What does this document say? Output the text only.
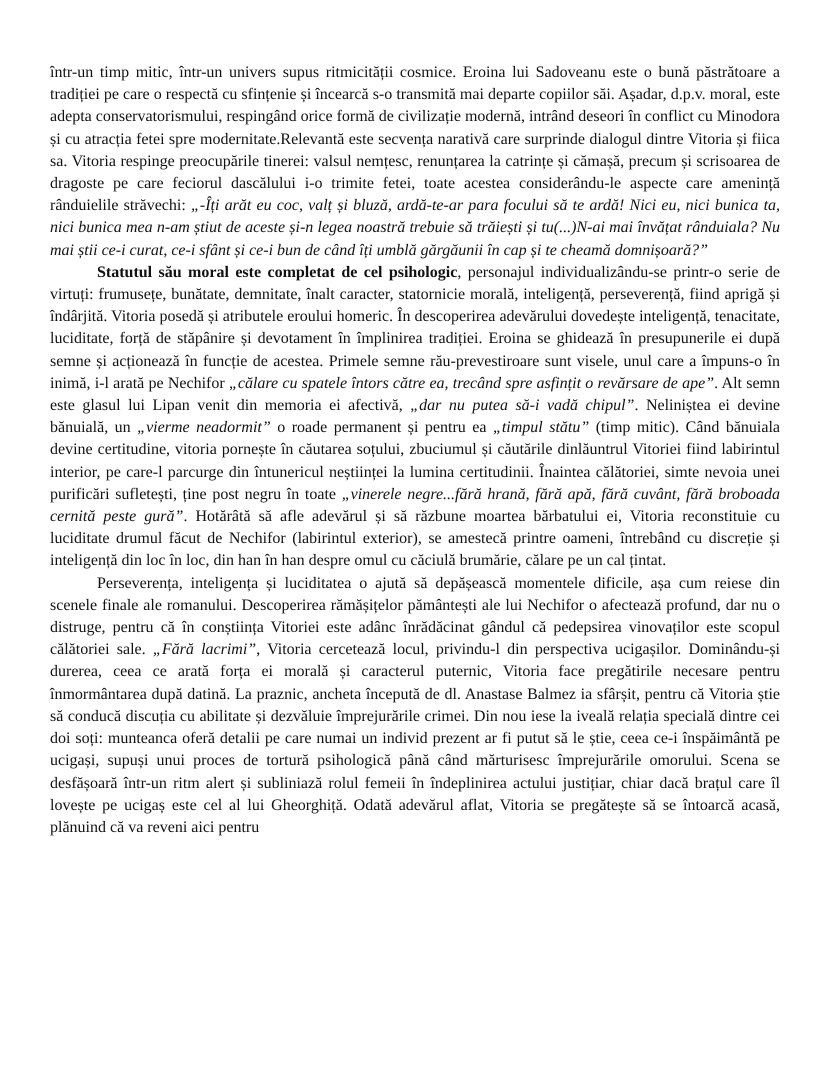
într-un timp mitic, într-un univers supus ritmicității cosmice. Eroina lui Sadoveanu este o bună păstrătoare a tradiției pe care o respectă cu sfințenie și încearcă s-o transmită mai departe copiilor săi. Așadar, d.p.v. moral, este adepta conservatorismului, respingând orice formă de civilizație modernă, intrând deseori în conflict cu Minodora și cu atracția fetei spre modernitate.Relevantă este secvența narativă care surprinde dialogul dintre Vitoria și fiica sa. Vitoria respinge preocupările tinerei: valsul nemțesc, renunțarea la catrințe și cămașă, precum și scrisoarea de dragoste pe care feciorul dascălului i-o trimite fetei, toate acestea considerându-le aspecte care amenință rânduielile străvechi: „-Îți arăt eu coc, valț și bluză, ardă-te-ar para focului să te ardă! Nici eu, nici bunica ta, nici bunica mea n-am știut de aceste și-n legea noastră trebuie să trăiești și tu(...)N-ai mai învățat rânduiala? Nu mai știi ce-i curat, ce-i sfânt și ce-i bun de când îți umblă gărgăunii în cap și te cheamă domnișoară?”

Statutul său moral este completat de cel psihologic, personajul individualizându-se printr-o serie de virtuți: frumusețe, bunătate, demnitate, înalt caracter, statornicie morală, inteligență, perseverență, fiind aprigă și îndârjită. Vitoria posedă și atributele eroului homeric. În descoperirea adevărului dovedește inteligență, tenacitate, luciditate, forță de stăpânire și devotament în împlinirea tradiției. Eroina se ghidează în presupunerile ei după semne și acționează în funcție de acestea. Primele semne rău-prevestiroare sunt visele, unul care a împuns-o în inimă, i-l arată pe Nechifor „călare cu spatele întors către ea, trecând spre asfințit o revărsare de ape”. Alt semn este glasul lui Lipan venit din memoria ei afectivă, „dar nu putea să-i vadă chipul”. Neliniștea ei devine bănuială, un „vierme neadormit” o roade permanent și pentru ea „timpul stătu” (timp mitic). Când bănuiala devine certitudine, vitoria pornește în căutarea soțului, zbuciumul și căutările dinlăuntrul Vitoriei fiind labirintul interior, pe care-l parcurge din întunericul neștiinței la lumina certitudinii. Înaintea călătoriei, simte nevoia unei purificări sufletești, ține post negru în toate „vinerele negre...fără hrană, fără apă, fără cuvânt, fără broboada cernită peste gură”. Hotărâtă să afle adevărul și să răzbune moartea bărbatului ei, Vitoria reconstituie cu luciditate drumul făcut de Nechifor (labirintul exterior), se amestecă printre oameni, întrebând cu discreție și inteligență din loc în loc, din han în han despre omul cu căciulă brumărie, călare pe un cal țintat.

Perseverența, inteligența și luciditatea o ajută să depășească momentele dificile, așa cum reiese din scenele finale ale romanului. Descoperirea rămășițelor pământești ale lui Nechifor o afectează profund, dar nu o distruge, pentru că în conștiința Vitoriei este adânc înrădăcinat gândul că pedepsirea vinovaților este scopul călătoriei sale. „Fără lacrimi”, Vitoria cercetează locul, privindu-l din perspectiva ucigașilor. Dominându-și durerea, ceea ce arată forța ei morală și caracterul puternic, Vitoria face pregătirile necesare pentru înmormântarea după datină. La praznic, ancheta începută de dl. Anastase Balmez ia sfârșit, pentru că Vitoria știe să conducă discuția cu abilitate și dezvăluie împrejurările crimei. Din nou iese la iveală relația specială dintre cei doi soți: munteanca oferă detalii pe care numai un individ prezent ar fi putut să le știe, ceea ce-i înspăimântă pe ucigași, supuși unui proces de tortură psihologică până când mărturisesc împrejurările omorului. Scena se desfășoară într-un ritm alert și subliniază rolul femeii în îndeplinirea actului justițiar, chiar dacă brațul care îl lovește pe ucigaș este cel al lui Gheorghiță. Odată adevărul aflat, Vitoria se pregătește să se întoarcă acasă, plănuind că va reveni aici pentru
